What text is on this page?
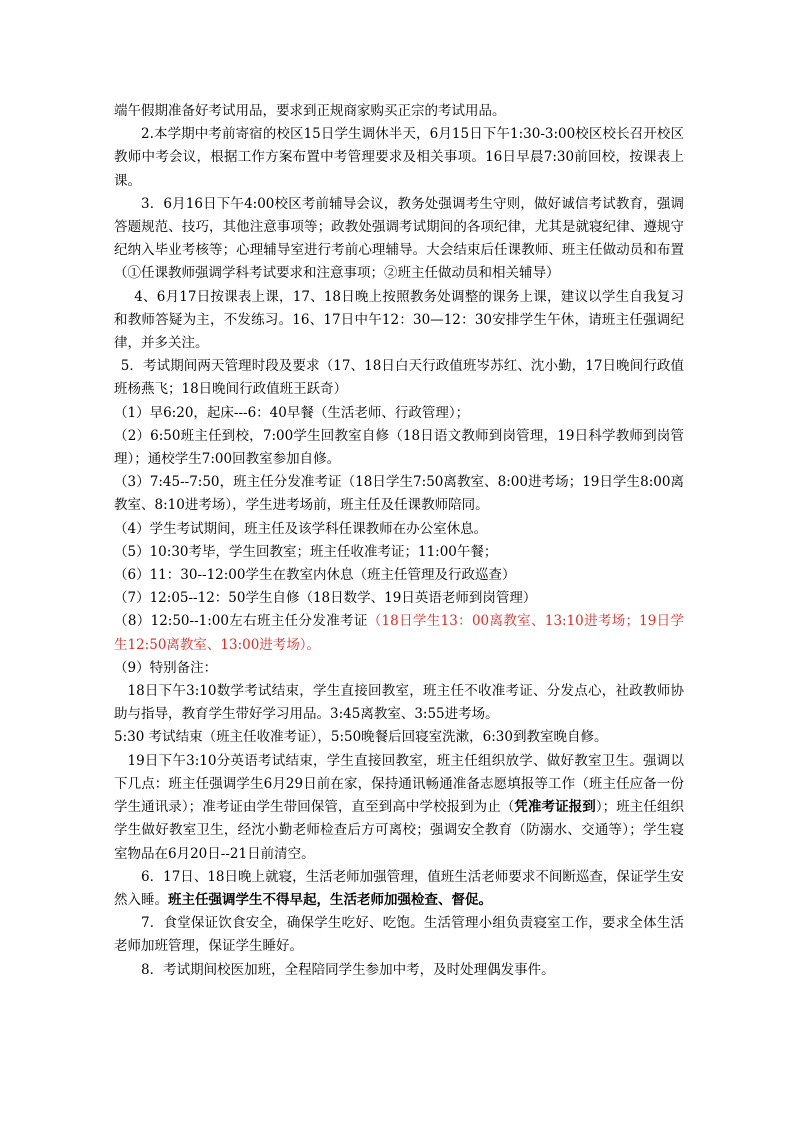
端午假期准备好考试用品，要求到正规商家购买正宗的考试用品。

2.本学期中考前寄宿的校区15日学生调休半天，6月15日下午1:30-3:00校区校长召开校区教师中考会议，根据工作方案布置中考管理要求及相关事项。16日早晨7:30前回校，按课表上课。

3．6月16日下午4:00校区考前辅导会议，教务处强调考生守则，做好诚信考试教育，强调答题规范、技巧，其他注意事项等；政教处强调考试期间的各项纪律，尤其是就寝纪律、遵规守纪纳入毕业考核等；心理辅导室进行考前心理辅导。大会结束后任课教师、班主任做动员和布置（①任课教师强调学科考试要求和注意事项；②班主任做动员和相关辅导）

4、6月17日按课表上课，17、18日晚上按照教务处调整的课务上课，建议以学生自我复习和教师答疑为主，不发练习。16、17日中午12：30—12：30安排学生午休，请班主任强调纪律，并多关注。

5．考试期间两天管理时段及要求（17、18日白天行政值班岑苏红、沈小勤，17日晚间行政值班杨燕飞；18日晚间行政值班王跃奇）

（1）早6:20，起床---6：40早餐（生活老师、行政管理）；

（2）6:50班主任到校，7:00学生回教室自修（18日语文教师到岗管理，19日科学教师到岗管理）；通校学生7:00回教室参加自修。

（3）7:45--7:50，班主任分发准考证（18日学生7:50离教室、8:00进考场；19日学生8:00离教室、8:10进考场），学生进考场前，班主任及任课教师陪同。

（4）学生考试期间，班主任及该学科任课教师在办公室休息。

（5）10:30考毕，学生回教室；班主任收准考证；11:00午餐；

（6）11：30--12:00学生在教室内休息（班主任管理及行政巡查）

（7）12:05--12：50学生自修（18日数学、19日英语老师到岗管理）

（8）12:50--1:00左右班主任分发准考证（18日学生13：00离教室、13:10进考场；19日学生12:50离教室、13:00进考场）。

（9）特别备注：

18日下午3:10数学考试结束，学生直接回教室，班主任不收准考证、分发点心，社政教师协助与指导，教育学生带好学习用品。3:45离教室、3:55进考场。

5:30 考试结束（班主任收准考证），5:50晚餐后回寝室洗漱，6:30到教室晚自修。

19日下午3:10分英语考试结束，学生直接回教室，班主任组织放学、做好教室卫生。强调以下几点：班主任强调学生6月29日前在家，保持通讯畅通准备志愿填报等工作（班主任应备一份学生通讯录）；准考证由学生带回保管，直至到高中学校报到为止（凭准考证报到）；班主任组织学生做好教室卫生，经沈小勤老师检查后方可离校；强调安全教育（防溺水、交通等）；学生寝室物品在6月20日--21日前清空。

6．17日、18日晚上就寝，生活老师加强管理，值班生活老师要求不间断巡查，保证学生安然入睡。班主任强调学生不得早起，生活老师加强检查、督促。

7．食堂保证饮食安全，确保学生吃好、吃饱。生活管理小组负责寝室工作，要求全体生活老师加班管理，保证学生睡好。

8．考试期间校医加班，全程陪同学生参加中考，及时处理偶发事件。
